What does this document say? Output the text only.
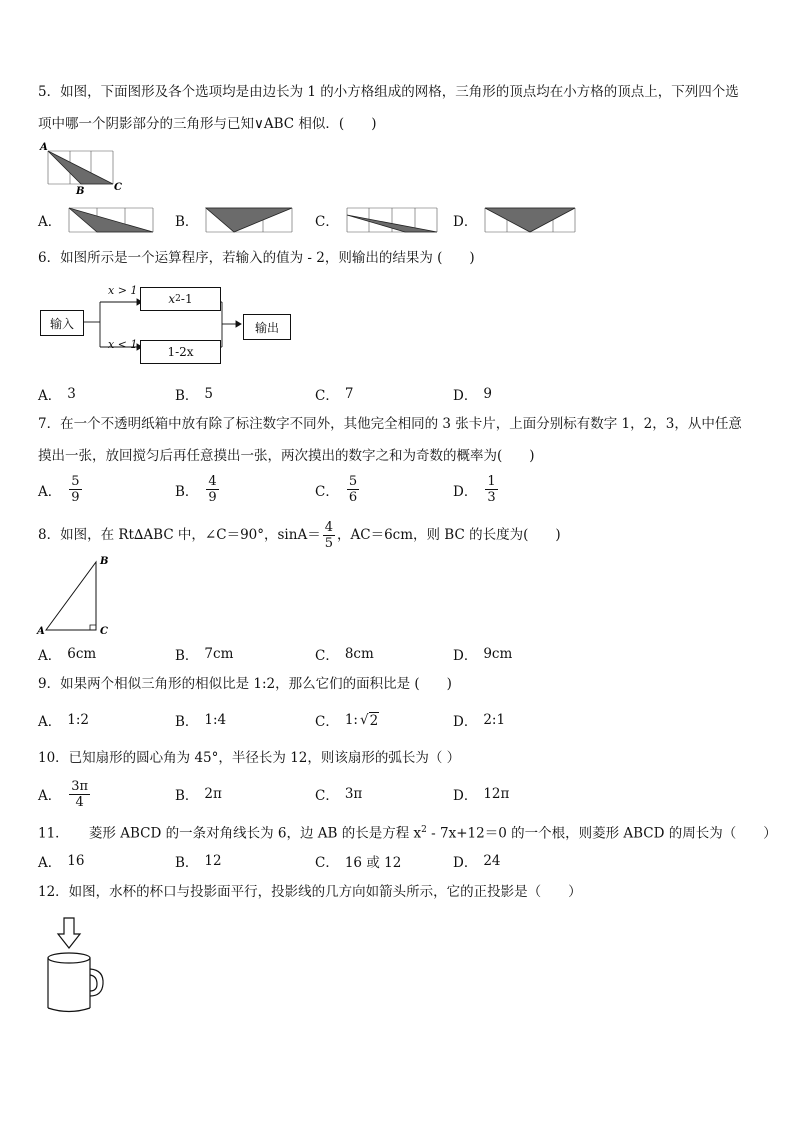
5．如图，下面图形及各个选项均是由边长为 1 的小方格组成的网格，三角形的顶点均在小方格的顶点上，下列四个选
项中哪一个阴影部分的三角形与已知∨ABC 相似．(　　)
A
B	C
A．	B．	C．	D．
6．如图所示是一个运算程序，若输入的值为 - 2，则输出的结果为 (　　)
输入
x > 1
x < 1
x 2 -1
1-2x
输出
A． 3	B． 5	C． 7	D． 9
7．在一个不透明纸箱中放有除了标注数字不同外，其他完全相同的 3 张卡片，上面分别标有数字 1，2，3，从中任意
摸出一张，放回搅匀后再任意摸出一张，两次摸出的数字之和为奇数的概率为(　　)
A． $\frac{5}{9}$	B． $\frac{4}{9}$	C． $\frac{5}{6}$	D． $\frac{1}{3}$
8．如图，在 Rt∆ABC 中，∠C＝90°，$\sin A= \frac{4}{5}$ ，AC＝6cm，则 BC 的长度为(　　)
A
B
C
A． 6cm	B． 7cm	C． 8cm	D． 9cm
9．如果两个相似三角形的相似比是 1:2，那么它们的面积比是 (　　)
A． 1:2	B． 1:4	C． 1: √ 2	D． 2:1
10．已知扇形的圆心角为 45°，半径长为 12，则该扇形的弧长为（ ）
A． $\frac{3\pi}{4}$	B． 2π	C． 3π	D． 12π
11．　　菱形 ABCD 的一条对角线长为 6，边 AB 的长是方程 $x^2 - 7x+12=0$ 的一个根，则菱形 ABCD 的周长为（　　）
A． 16	B． 12	C． 16 或 12	D． 24
12．如图，水杯的杯口与投影面平行，投影线的几方向如箭头所示，它的正投影是（　　）
